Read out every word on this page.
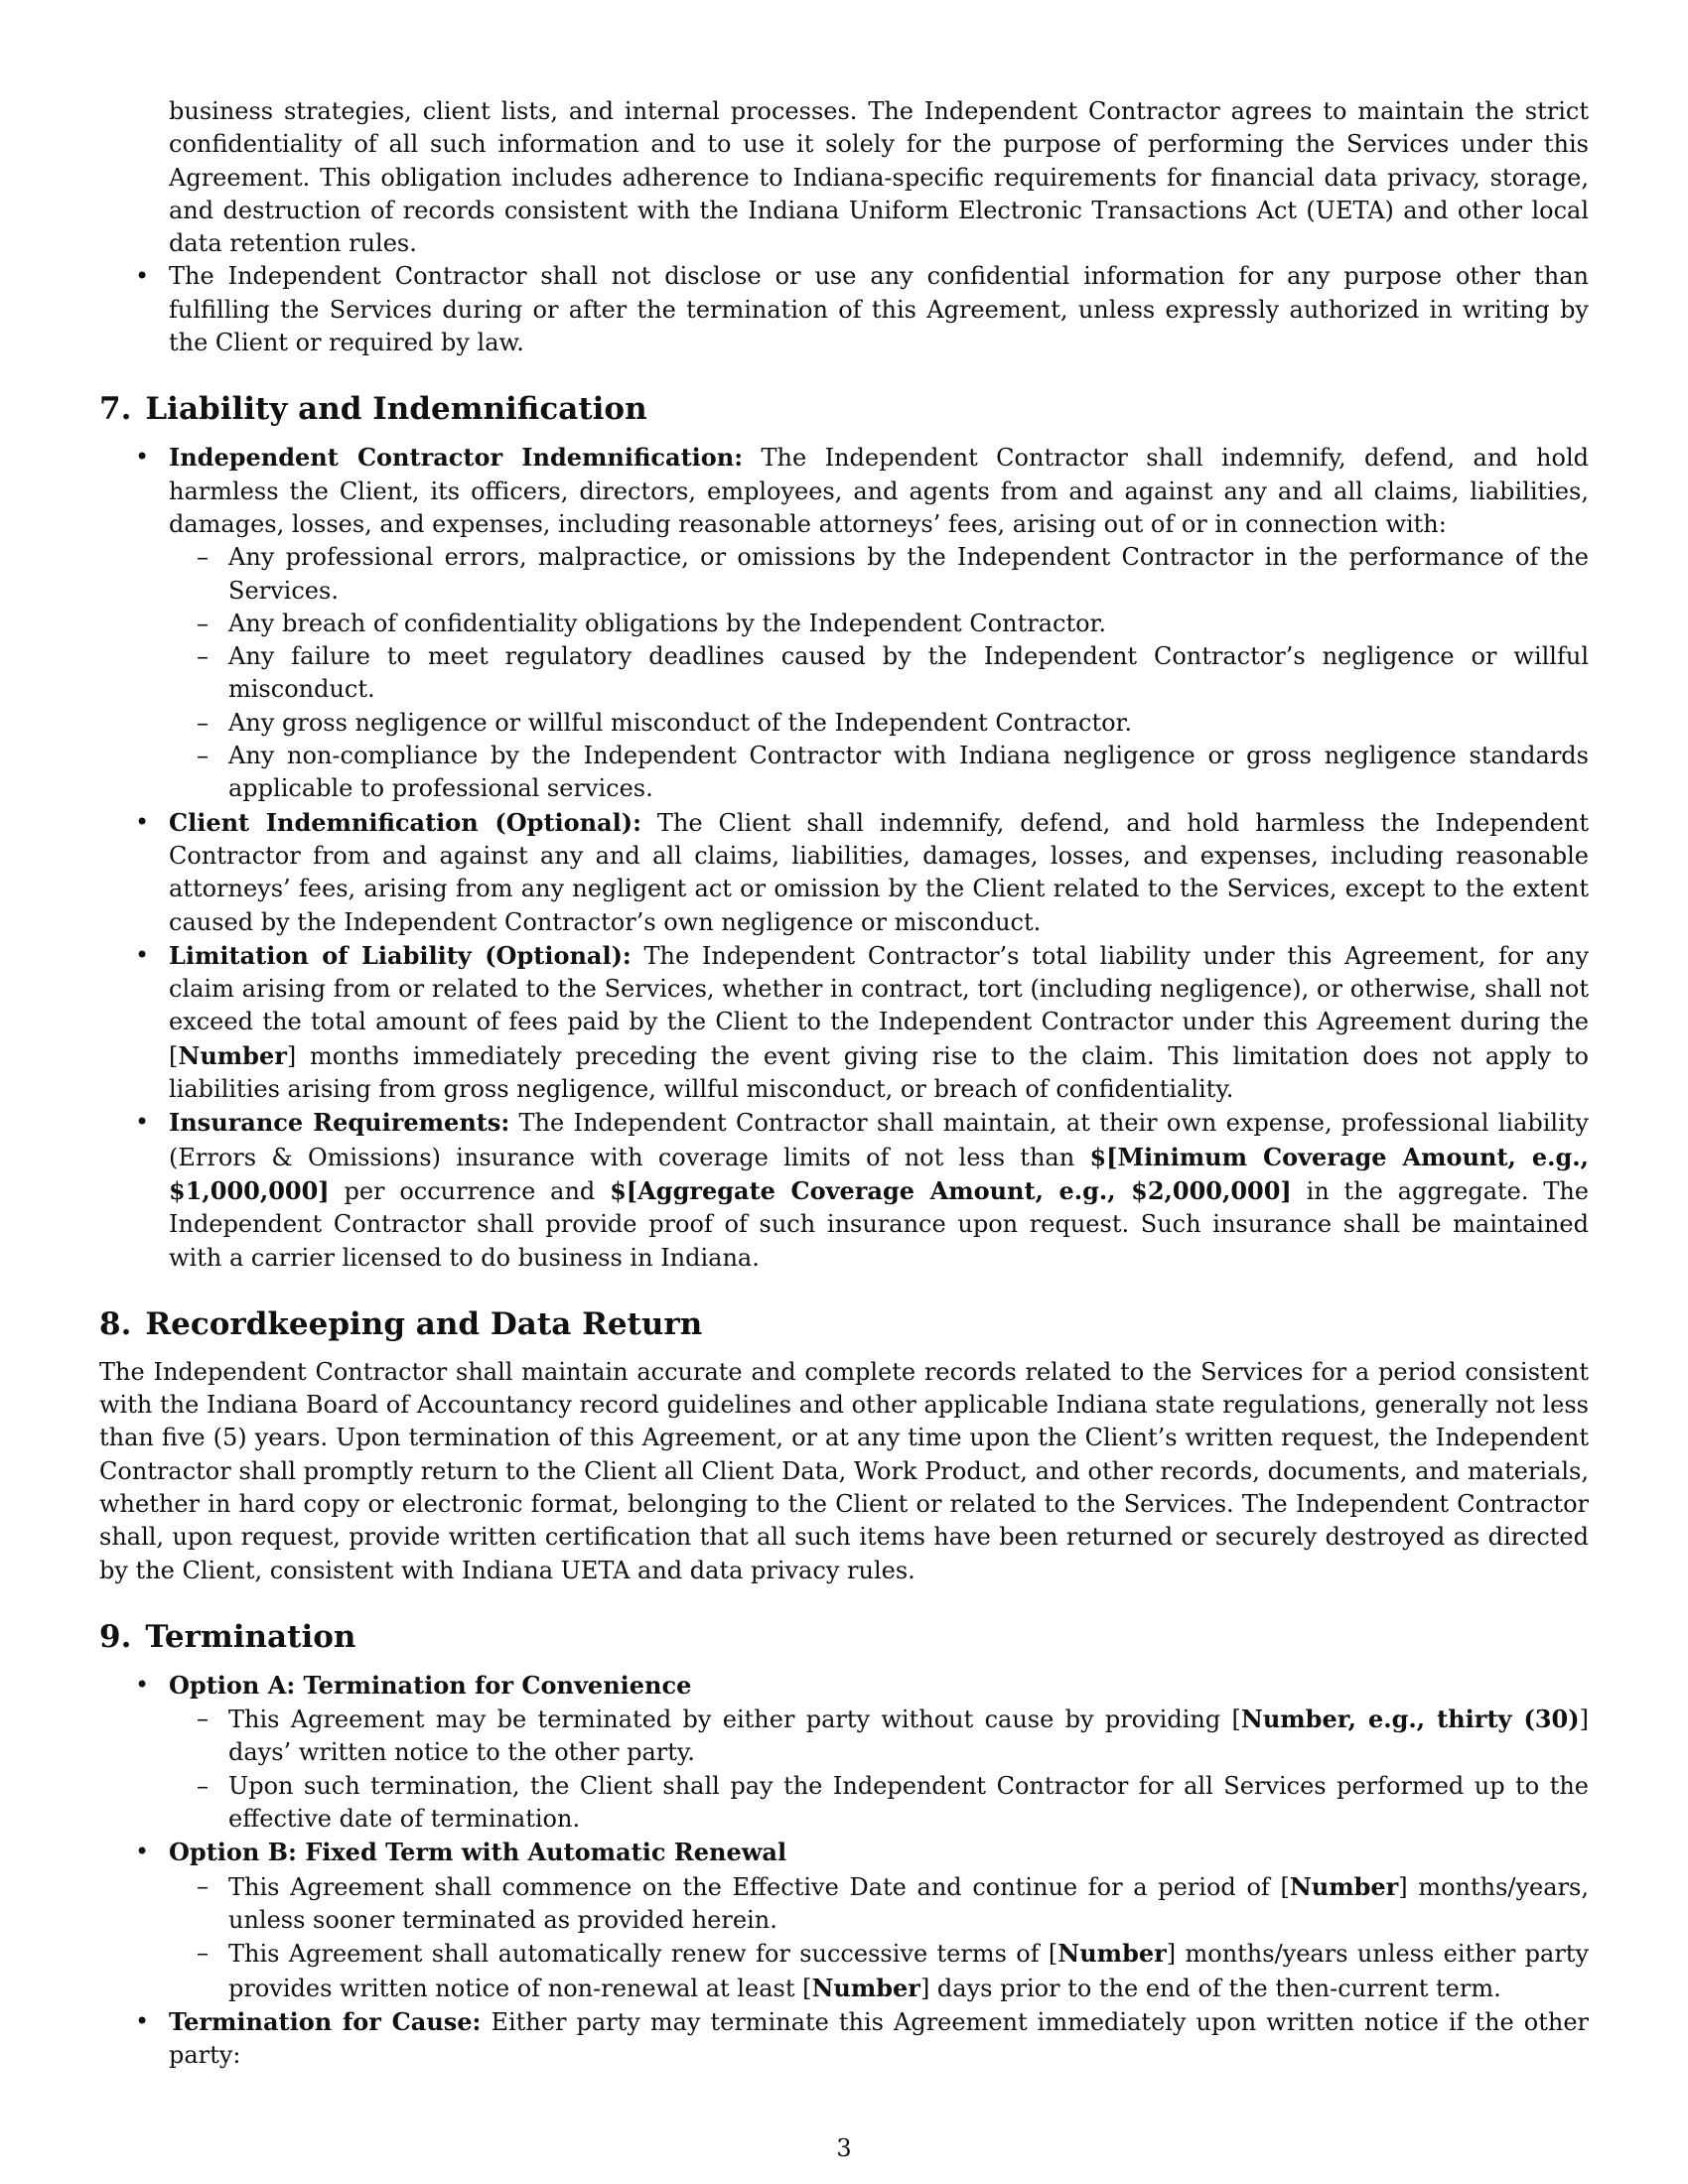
business strategies, client lists, and internal processes. The Independent Contractor agrees to maintain the strict confidentiality of all such information and to use it solely for the purpose of performing the Services under this Agreement. This obligation includes adherence to Indiana-specific requirements for financial data privacy, storage, and destruction of records consistent with the Indiana Uniform Electronic Transactions Act (UETA) and other local data retention rules.

• The Independent Contractor shall not disclose or use any confidential information for any purpose other than fulfilling the Services during or after the termination of this Agreement, unless expressly authorized in writing by the Client or required by law.
7. Liability and Indemnification
• Independent Contractor Indemnification: The Independent Contractor shall indemnify, defend, and hold harmless the Client, its officers, directors, employees, and agents from and against any and all claims, liabilities, damages, losses, and expenses, including reasonable attorneys’ fees, arising out of or in connection with:
– Any professional errors, malpractice, or omissions by the Independent Contractor in the performance of the Services.
– Any breach of confidentiality obligations by the Independent Contractor.
– Any failure to meet regulatory deadlines caused by the Independent Contractor’s negligence or willful misconduct.
– Any gross negligence or willful misconduct of the Independent Contractor.
– Any non-compliance by the Independent Contractor with Indiana negligence or gross negligence standards applicable to professional services.
• Client Indemnification (Optional): The Client shall indemnify, defend, and hold harmless the Independent Contractor from and against any and all claims, liabilities, damages, losses, and expenses, including reasonable attorneys’ fees, arising from any negligent act or omission by the Client related to the Services, except to the extent caused by the Independent Contractor’s own negligence or misconduct.
• Limitation of Liability (Optional): The Independent Contractor’s total liability under this Agreement, for any claim arising from or related to the Services, whether in contract, tort (including negligence), or otherwise, shall not exceed the total amount of fees paid by the Client to the Independent Contractor under this Agreement during the [Number] months immediately preceding the event giving rise to the claim. This limitation does not apply to liabilities arising from gross negligence, willful misconduct, or breach of confidentiality.
• Insurance Requirements: The Independent Contractor shall maintain, at their own expense, professional liability (Errors & Omissions) insurance with coverage limits of not less than $[Minimum Coverage Amount, e.g., $1,000,000] per occurrence and $[Aggregate Coverage Amount, e.g., $2,000,000] in the aggregate. The Independent Contractor shall provide proof of such insurance upon request. Such insurance shall be maintained with a carrier licensed to do business in Indiana.
8. Recordkeeping and Data Return

The Independent Contractor shall maintain accurate and complete records related to the Services for a period consistent with the Indiana Board of Accountancy record guidelines and other applicable Indiana state regulations, generally not less than five (5) years. Upon termination of this Agreement, or at any time upon the Client’s written request, the Independent Contractor shall promptly return to the Client all Client Data, Work Product, and other records, documents, and materials, whether in hard copy or electronic format, belonging to the Client or related to the Services. The Independent Contractor shall, upon request, provide written certification that all such items have been returned or securely destroyed as directed by the Client, consistent with Indiana UETA and data privacy rules.

9. Termination
• Option A: Termination for Convenience
– This Agreement may be terminated by either party without cause by providing [Number, e.g., thirty (30)] days’ written notice to the other party.
– Upon such termination, the Client shall pay the Independent Contractor for all Services performed up to the effective date of termination.
• Option B: Fixed Term with Automatic Renewal
– This Agreement shall commence on the Effective Date and continue for a period of [Number] months/years, unless sooner terminated as provided herein.
– This Agreement shall automatically renew for successive terms of [Number] months/years unless either party provides written notice of non-renewal at least [Number] days prior to the end of the then-current term.
• Termination for Cause: Either party may terminate this Agreement immediately upon written notice if the other party:
3
